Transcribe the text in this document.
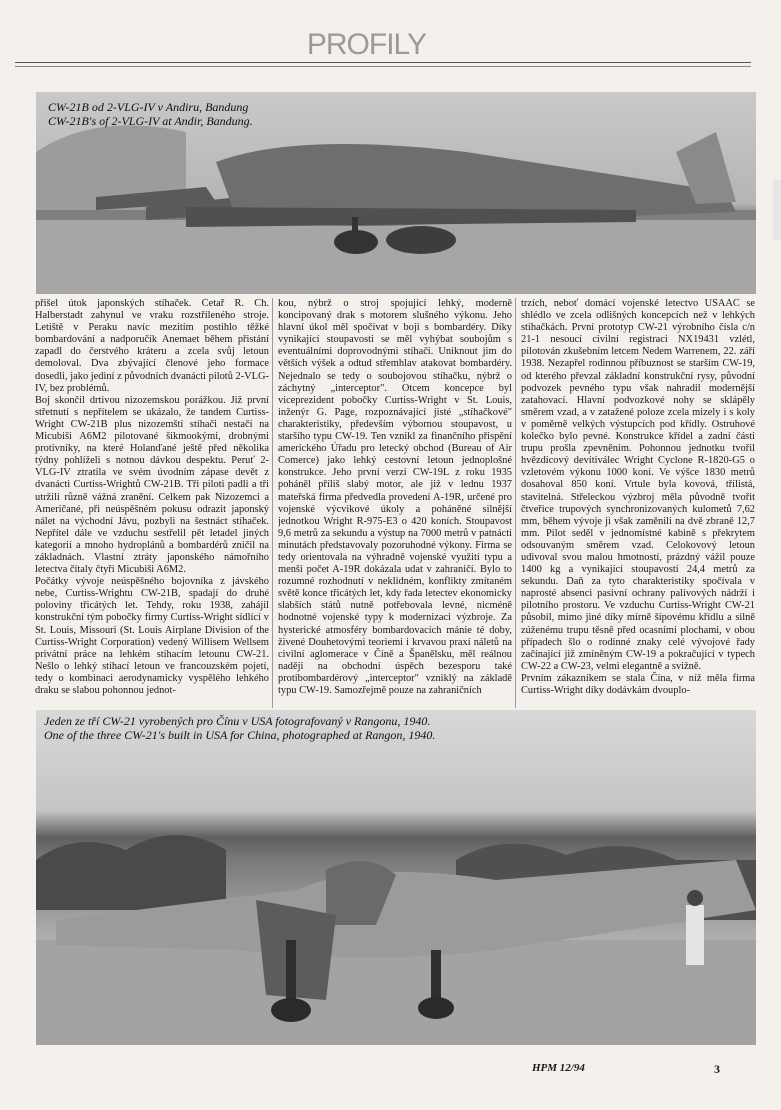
PROFILY
CW-21B od 2-VLG-IV v Andiru, Bandung
CW-21B's of 2-VLG-IV at Andir, Bandung.

přišel útok japonských stíhaček. Četař R. Ch. Halberstadt zahynul ve vraku rozstříleného stroje. Letiště v Peraku navíc mezitím postihlo těžké bombardování a nadporučík Anemaet během přistání zapadl do čerstvého kráteru a zcela svůj letoun demoloval. Dva zbývající členové jeho formace dosedli, jako jediní z původních dvanácti pilotů 2-VLG-IV, bez problémů.

Boj skončil drtivou nizozemskou porážkou. Již první střetnutí s nepřítelem se ukázalo, že tandem Curtiss-Wright CW-21B plus nizozemští stíhači nestačí na Micubiši A6M2 pilotované šikmookými, drobnými protivníky, na které Holanďané ještě před několika týdny pohlíželi s notnou dávkou despektu. Peruť 2-VLG-IV ztratila ve svém úvodním zápase devět z dvanácti Curtiss-Wrightů CW-21B. Tři piloti padli a tři utržili různě vážná zranění. Celkem pak Nizozemci a Američané, při neúspěšném pokusu odrazit japonský nálet na východní Jávu, pozbyli na šestnáct stíhaček. Nepřítel dále ve vzduchu sestřelil pět letadel jiných kategorií a mnoho hydroplánů a bombardérů zničil na základnách. Vlastní ztráty japonského námořního letectva čítaly čtyři Micubiši A6M2.

Počátky vývoje neúspěšného bojovníka z jávského nebe, Curtiss-Wrightu CW-21B, spadají do druhé poloviny třicátých let. Tehdy, roku 1938, zahájil konstrukční tým pobočky firmy Curtiss-Wright sídlící v St. Louis, Missouri (St. Louis Airplane Division of the Curtiss-Wright Corporation) vedený Willisem Wellsem privátní práce na lehkém stíhacím letounu CW-21. Nešlo o lehký stíhací letoun ve francouzském pojetí, tedy o kombinaci aerodynamicky vyspělého lehkého draku se slabou pohonnou jednot-

kou, nýbrž o stroj spojující lehký, moderně koncipovaný drak s motorem slušného výkonu. Jeho hlavní úkol měl spočívat v boji s bombardéry. Díky vynikající stoupavosti se měl vyhýbat soubojům s eventuálními doprovodnými stíhači. Uniknout jim do větších výšek a odtud střemhlav atakovat bombardéry. Nejednalo se tedy o soubojovou stíhačku, nýbrž o záchytný „interceptor". Otcem koncepce byl viceprezident pobočky Curtiss-Wright v St. Louis, inženýr G. Page, rozpoznávající jisté „stíhačkové" charakteristiky, především výbornou stoupavost, u staršího typu CW-19. Ten vznikl za finančního přispění amerického Úřadu pro letecký obchod (Bureau of Air Comerce) jako lehký cestovní letoun jednoplošné konstrukce. Jeho první verzi CW-19L z roku 1935 poháněl příliš slabý motor, ale již v lednu 1937 mateřská firma předvedla provedení A-19R, určené pro vojenské výcvikové úkoly a poháněné silnější jednotkou Wright R-975-E3 o 420 koních. Stoupavost 9,6 metrů za sekundu a výstup na 7000 metrů v patnácti minutách představovaly pozoruhodné výkony. Firma se tedy orientovala na výhradně vojenské využití typu a menší počet A-19R dokázala udat v zahraničí. Bylo to rozumné rozhodnutí v neklidném, konflikty zmítaném světě konce třicátých let, kdy řada letectev ekonomicky slabších států nutně potřebovala levné, nicméně hodnotné vojenské typy k modernizaci výzbroje. Za hysterické atmosféry bombardovacích mánie té doby, živené Douhetovými teoriemi i krvavou praxí náletů na civilní aglomerace v Číně a Španělsku, měl reálnou naději na obchodní úspěch bezesporu také protibombardérový „interceptor" vzniklý na základě typu CW-19. Samozřejmě pouze na zahraničních

trzích, neboť domácí vojenské letectvo USAAC se shlédlo ve zcela odlišných koncepcích než v lehkých stíhačkách. První prototyp CW-21 výrobního čísla c/n 21-1 nesoucí civilní registraci NX19431 vzlétl, pilotován zkušebním letcem Nedem Warrenem, 22. září 1938. Nezapřel rodinnou příbuznost se starším CW-19, od kterého převzal základní konstrukční rysy, původní podvozek pevného typu však nahradil modernější zatahovací. Hlavní podvozkové nohy se sklápěly směrem vzad, a v zatažené poloze zcela mizely i s koly v poměrně velkých výstupcích pod křídly. Ostruhové kolečko bylo pevné. Konstrukce křídel a zadní části trupu prošla zpevněním. Pohonnou jednotku tvořil hvězdicový devítiválec Wright Cyclone R-1820-G5 o vzletovém výkonu 1000 koní. Ve výšce 1830 metrů dosahoval 850 koní. Vrtule byla kovová, třílistá, stavitelná. Střeleckou výzbroj měla původně tvořit čtveřice trupových synchronizovaných kulometů 7,62 mm, během vývoje ji však zaměnili na dvě zbraně 12,7 mm. Pilot seděl v jednomístné kabině s překrytem odsouvaným směrem vzad. Celokovový letoun udivoval svou malou hmotností, prázdný vážil pouze 1400 kg a vynikající stoupavostí 24,4 metrů za sekundu. Daň za tyto charakteristiky spočívala v naprosté absenci pasivní ochrany palivových nádrží i pilotního prostoru. Ve vzduchu Curtiss-Wright CW-21 působil, mimo jiné díky mírně šípovému křídlu a silně zúženému trupu těsně před ocasními plochami, v obou případech šlo o rodinné znaky celé vývojové řady začínající již zmíněným CW-19 a pokračující v typech CW-22 a CW-23, velmi elegantně a svižně.

Prvním zákazníkem se stala Čína, v níž měla firma Curtiss-Wright díky dodávkám dvouplo-

Jeden ze tří CW-21 vyrobených pro Čínu v USA fotografovaný v Rangonu, 1940.
One of the three CW-21's built in USA for China, photographed at Rangon, 1940.
HPM 12/94	3
